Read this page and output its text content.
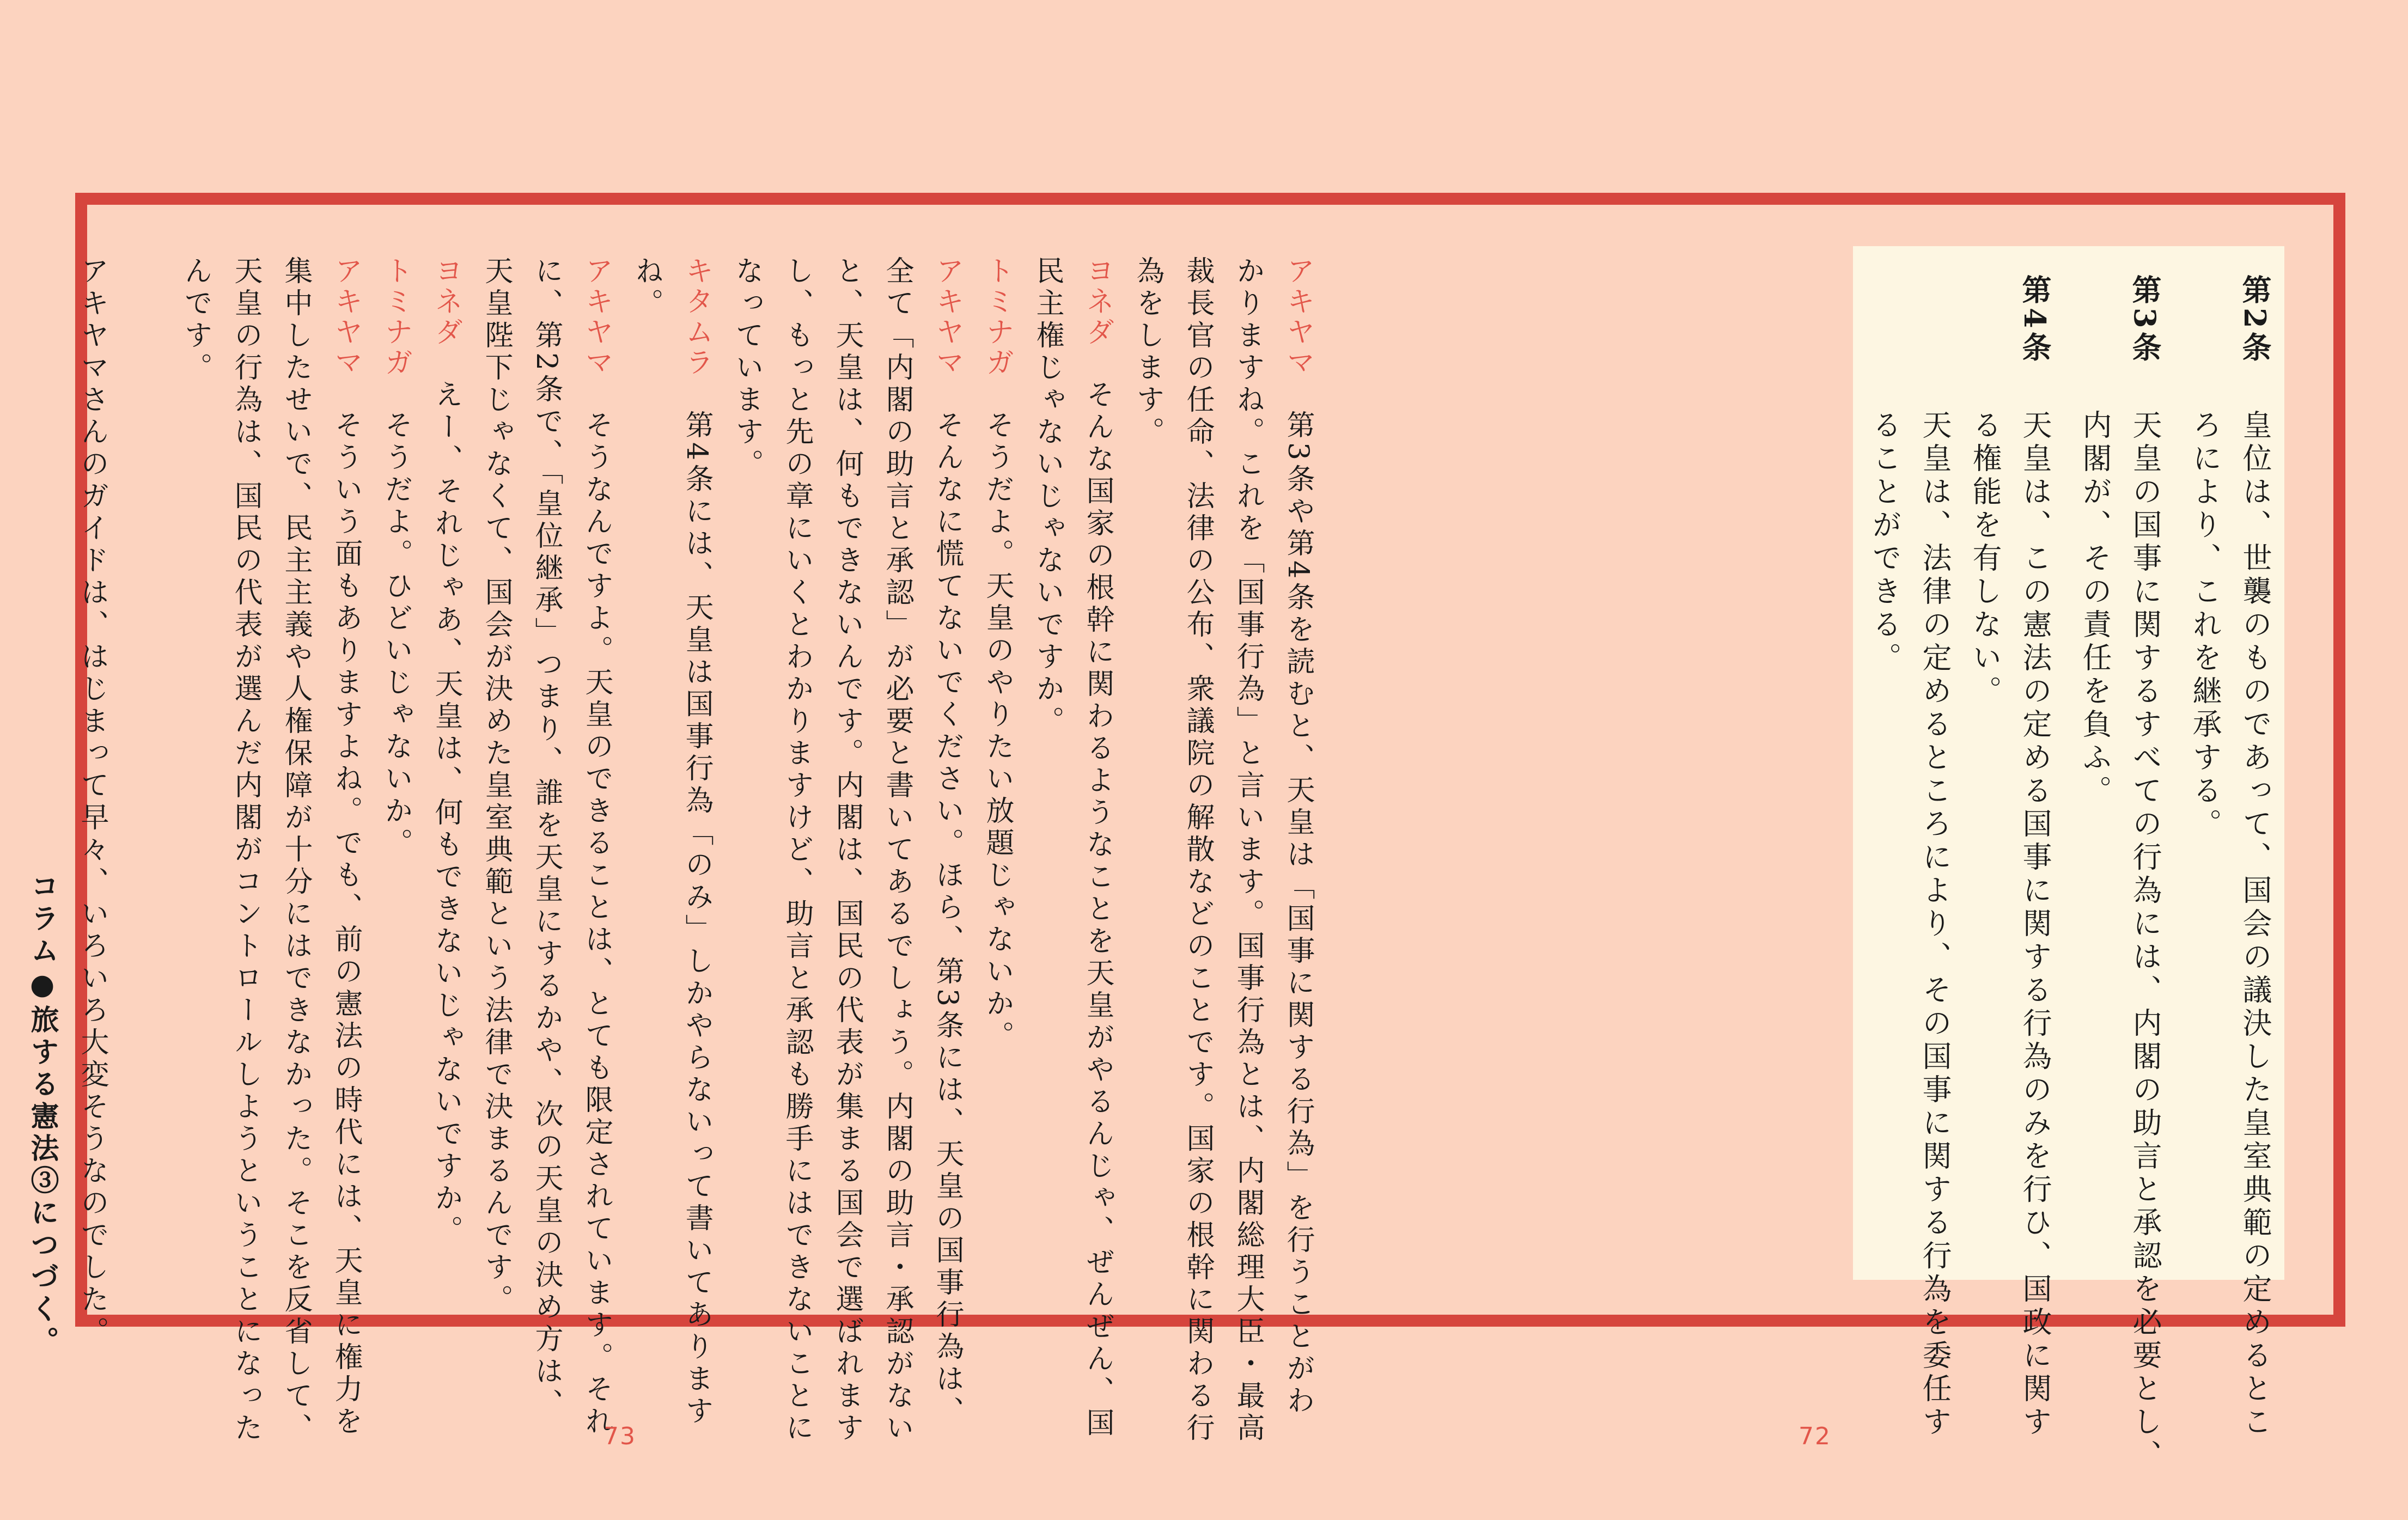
第2条
皇位は、世襲のものであって、国会の議決した皇室典範の定めるとこ
ろにより、これを継承する。
第3条
天皇の国事に関するすべての行為には、内閣の助言と承認を必要とし、
内閣が、その責任を負ふ。
第4条
天皇は、この憲法の定める国事に関する行為のみを行ひ、国政に関す
る権能を有しない。
天皇は、法律の定めるところにより、その国事に関する行為を委任す
ることができる。
アキヤマ　第3条や第4条を読むと、天皇は「国事に関する行為」を行うことがわ
かりますね。これを「国事行為」と言います。国事行為とは、内閣総理大臣・最高
裁長官の任命、法律の公布、衆議院の解散などのことです。国家の根幹に関わる行
為をします。
ヨネダ　そんな国家の根幹に関わるようなことを天皇がやるんじゃ、ぜんぜん、国
民主権じゃないじゃないですか。
トミナガ　そうだよ。天皇のやりたい放題じゃないか。
アキヤマ　そんなに慌てないでください。ほら、第3条には、天皇の国事行為は、
全て「内閣の助言と承認」が必要と書いてあるでしょう。内閣の助言・承認がない
と、天皇は、何もできないんです。内閣は、国民の代表が集まる国会で選ばれます
し、もっと先の章にいくとわかりますけど、助言と承認も勝手にはできないことに
なっています。
キタムラ　第4条には、天皇は国事行為「のみ」しかやらないって書いてあります
ね。
アキヤマ　そうなんですよ。天皇のできることは、とても限定されています。それ
に、第2条で、「皇位継承」つまり、誰を天皇にするかや、次の天皇の決め方は、
天皇陛下じゃなくて、国会が決めた皇室典範という法律で決まるんです。
ヨネダ　えー、それじゃあ、天皇は、何もできないじゃないですか。
トミナガ　そうだよ。ひどいじゃないか。
アキヤマ　そういう面もありますよね。でも、前の憲法の時代には、天皇に権力を
集中したせいで、民主主義や人権保障が十分にはできなかった。そこを反省して、
天皇の行為は、国民の代表が選んだ内閣がコントロールしようということになった
んです。
アキヤマさんのガイドは、はじまって早々、いろいろ大変そうなのでした。
コラム●旅する憲法③につづく。
73	72
